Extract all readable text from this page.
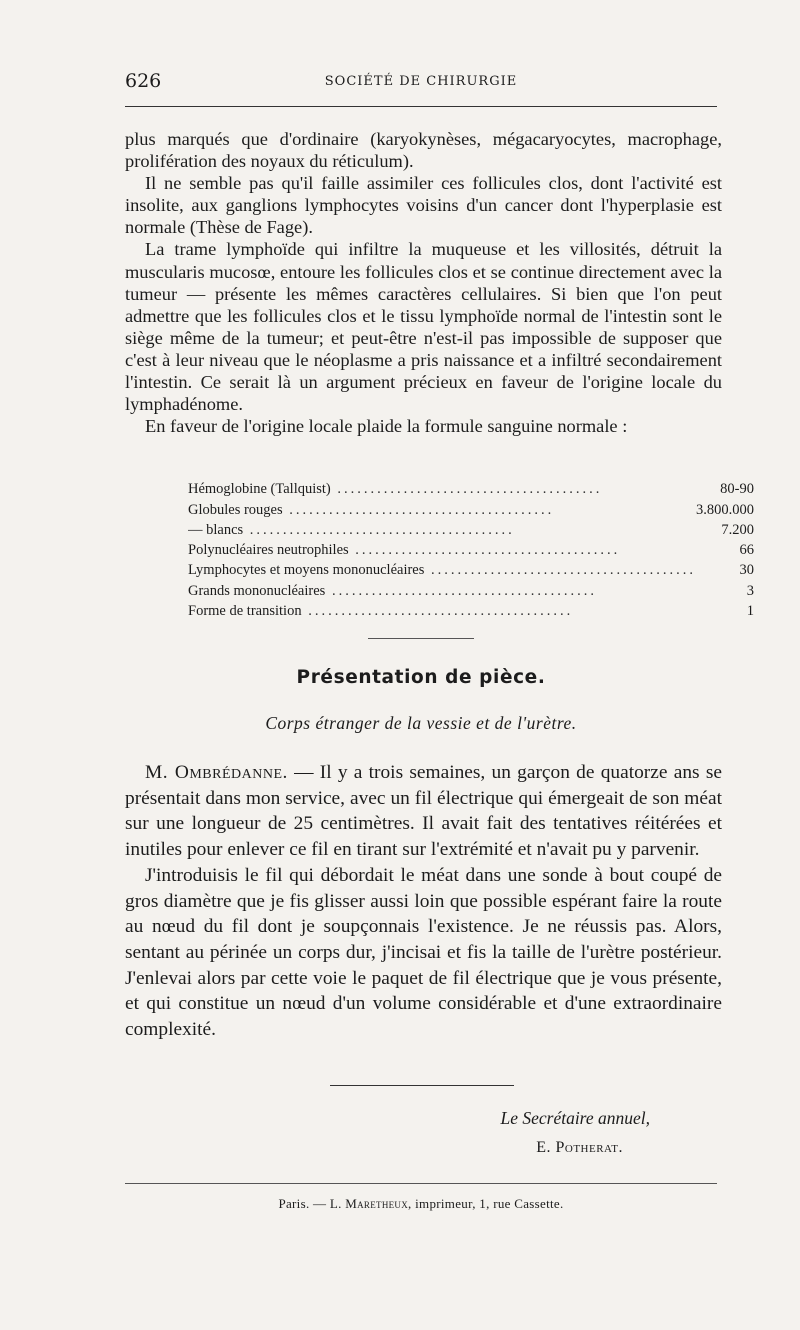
626	SOCIÉTÉ DE CHIRURGIE

plus marqués que d'ordinaire (karyokynèses, mégacaryocytes, macrophage, prolifération des noyaux du réticulum).

Il ne semble pas qu'il faille assimiler ces follicules clos, dont l'activité est insolite, aux ganglions lymphocytes voisins d'un cancer dont l'hyperplasie est normale (Thèse de Fage).

La trame lymphoïde qui infiltre la muqueuse et les villosités, détruit la muscularis mucosœ, entoure les follicules clos et se continue directement avec la tumeur — présente les mêmes caractères cellulaires. Si bien que l'on peut admettre que les follicules clos et le tissu lymphoïde normal de l'intestin sont le siège même de la tumeur; et peut-être n'est-il pas impossible de supposer que c'est à leur niveau que le néoplasme a pris naissance et a infiltré secondairement l'intestin. Ce serait là un argument précieux en faveur de l'origine locale du lymphadénome.

En faveur de l'origine locale plaide la formule sanguine normale :

Hémoglobine (Tallquist) ........................................	80-90
Globules rouges ........................................	3.800.000
— blancs ........................................	7.200
Polynucléaires neutrophiles ........................................	66
Lymphocytes et moyens mononucléaires ........................................	30
Grands mononucléaires ........................................	3
Forme de transition ........................................	1
Présentation de pièce.
Corps étranger de la vessie et de l'urètre.

M. Ombrédanne. — Il y a trois semaines, un garçon de quatorze ans se présentait dans mon service, avec un fil électrique qui émergeait de son méat sur une longueur de 25 centimètres. Il avait fait des tentatives réitérées et inutiles pour enlever ce fil en tirant sur l'extrémité et n'avait pu y parvenir.

J'introduisis le fil qui débordait le méat dans une sonde à bout coupé de gros diamètre que je fis glisser aussi loin que possible espérant faire la route au nœud du fil dont je soupçonnais l'existence. Je ne réussis pas. Alors, sentant au périnée un corps dur, j'incisai et fis la taille de l'urètre postérieur. J'enlevai alors par cette voie le paquet de fil électrique que je vous présente, et qui constitue un nœud d'un volume considérable et d'une extraordinaire complexité.

Le Secrétaire annuel,
E. Potherat.
Paris. — L. Maretheux, imprimeur, 1, rue Cassette.
